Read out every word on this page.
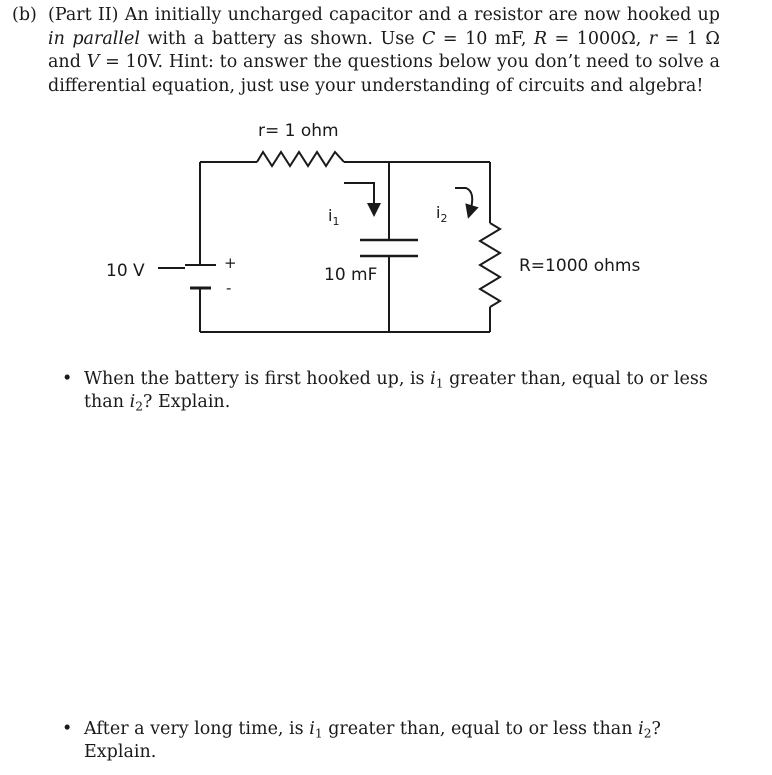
(b) (Part II) An initially uncharged capacitor and a resistor are now hooked up in parallel with a battery as shown. Use C = 10 mF, R = 1000Ω, r = 1 Ω and V = 10V. Hint: to answer the questions below you don’t need to solve a differential equation, just use your understanding of circuits and algebra!
+
-
10 V
r= 1 ohm
10 mF
$i_1$
R=1000 ohms
$i_2$
• When the battery is first hooked up, is $i_1$ greater than, equal to or less than $i_2$? Explain.
• After a very long time, is $i_1$ greater than, equal to or less than $i_2$? Explain.
